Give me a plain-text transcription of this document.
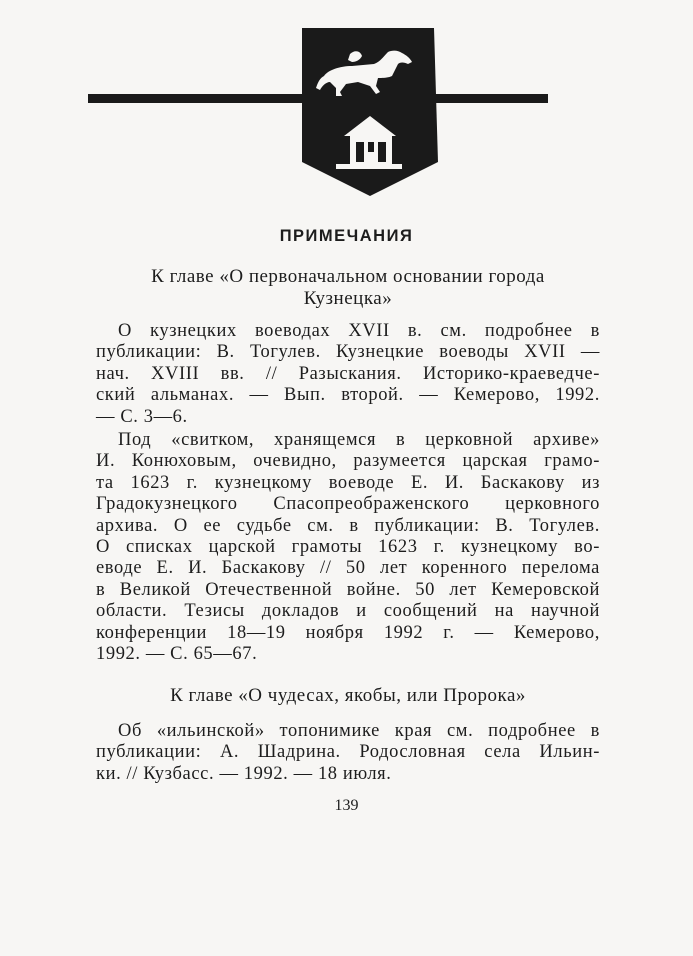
ПРИМЕЧАНИЯ
К главе «О первоначальном основании города
Кузнецка»

О кузнецких воеводах XVII в. см. подробнее в
публикации: В. Тогулев. Кузнецкие воеводы XVII —
нач. XVIII вв. // Разыскания. Историко-краеведче-
ский альманах. — Вып. второй. — Кемерово, 1992.
— С. 3—6.

Под «свитком, хранящемся в церковной архиве»
И. Конюховым, очевидно, разумеется царская грамо-
та 1623 г. кузнецкому воеводе Е. И. Баскакову из
Градокузнецкого Спасопреображенского церковного
архива. О ее судьбе см. в публикации: В. Тогулев.
О списках царской грамоты 1623 г. кузнецкому во-
еводе Е. И. Баскакову // 50 лет коренного перелома
в Великой Отечественной войне. 50 лет Кемеровской
области. Тезисы докладов и сообщений на научной
конференции 18—19 ноября 1992 г. — Кемерово,
1992. — С. 65—67.

К главе «О чудесах, якобы, или Пророка»

Об «ильинской» топонимике края см. подробнее в
публикации: А. Шадрина. Родословная села Ильин-
ки. // Кузбасс. — 1992. — 18 июля.

139
